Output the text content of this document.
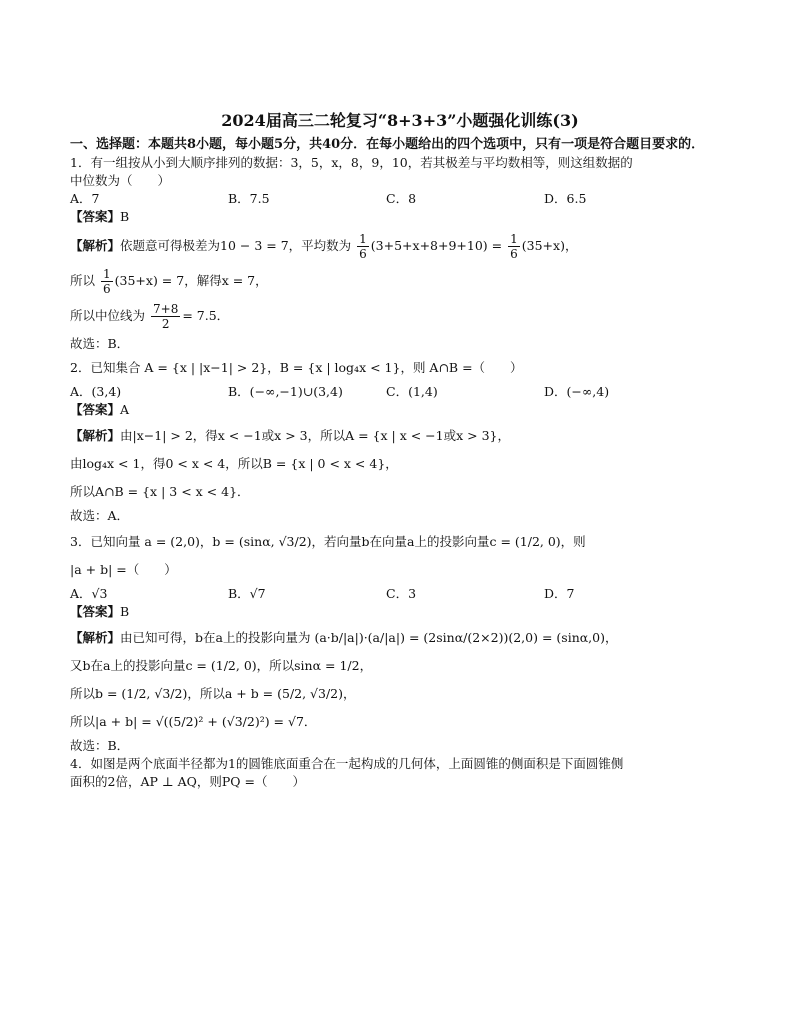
2024届高三二轮复习“8+3+3”小题强化训练(3)
一、选择题：本题共8小题，每小题5分，共40分．在每小题给出的四个选项中，只有一项是符合题目要求的．
1．有一组按从小到大顺序排列的数据：3，5，x，8，9，10，若其极差与平均数相等，则这组数据的
中位数为（　　）
A．7	B．7.5	C．8	D．6.5
【答案】B
【解析】依题意可得极差为10 − 3 = 7，平均数为 $\frac{1}{6} (3+5+x+8+9+10) = \frac{1}{6} (35+x)$，
所以 $\frac{1}{6} (35+x) = 7$，解得x = 7，
所以中位线为 $\frac{7+8}{2} = 7.5$．
故选：B．
2．已知集合 A = {x | |x−1| > 2}，B = {x | log₄x < 1}，则 A∩B =（　　）
A．(3,4)	B．(−∞,−1)∪(3,4)	C．(1,4)	D．(−∞,4)
【答案】A
【解析】由|x−1| > 2，得x < −1或x > 3，所以A = {x | x < −1或x > 3}，
由log₄x < 1，得0 < x < 4，所以B = {x | 0 < x < 4}，
所以A∩B = {x | 3 < x < 4}．
故选：A．
3．已知向量 a = (2,0)，b = (sinα, √3/2)，若向量b在向量a上的投影向量c = (1/2, 0)，则
|a + b| =（　　）
A．√3	B．√7	C．3	D．7
【答案】B
【解析】由已知可得，b在a上的投影向量为 (a·b/|a|)·(a/|a|) = (2sinα/(2×2))(2,0) = (sinα,0)，
又b在a上的投影向量c = (1/2, 0)，所以sinα = 1/2，
所以b = (1/2, √3/2)，所以a + b = (5/2, √3/2)，
所以|a + b| = √((5/2)² + (√3/2)²) = √7．
故选：B．
4．如图是两个底面半径都为1的圆锥底面重合在一起构成的几何体，上面圆锥的侧面积是下面圆锥侧
面积的2倍，AP ⊥ AQ，则PQ =（　　）
